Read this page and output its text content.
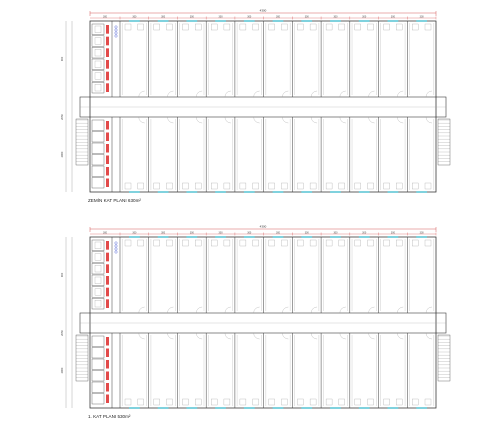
4300
300	300	300	300	300	300	300	300	300	300	300
300
900
2050
2960
4300
300	300	300	300	300	300	300	300	300	300	300
300
900
2050
2960
ZEMİN KAT PLANI 630m²
1. KAT PLANI 530m²
